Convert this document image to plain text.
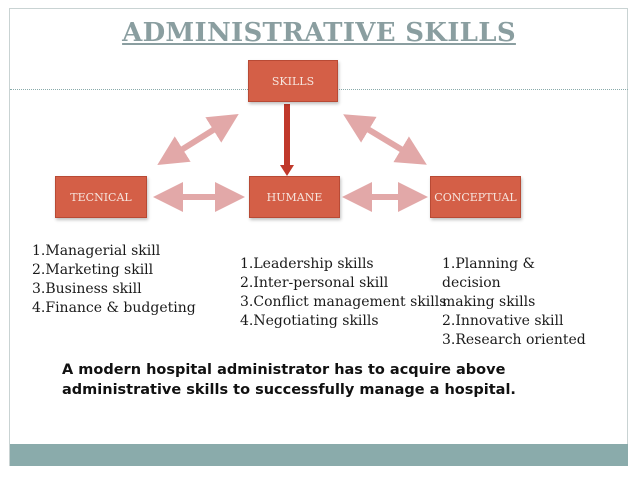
ADMINISTRATIVE SKILLS
SKILLS
TECNICAL	HUMANE	CONCEPTUAL
1.Managerial skill
2.Marketing skill
3.Business skill
4.Finance & budgeting
1.Leadership skills
2.Inter-personal skill
3.Conflict management skills
4.Negotiating skills
1.Planning &
decision
making skills
2.Innovative skill
3.Research oriented
A modern hospital administrator has to acquire above
administrative skills to successfully manage a hospital.
